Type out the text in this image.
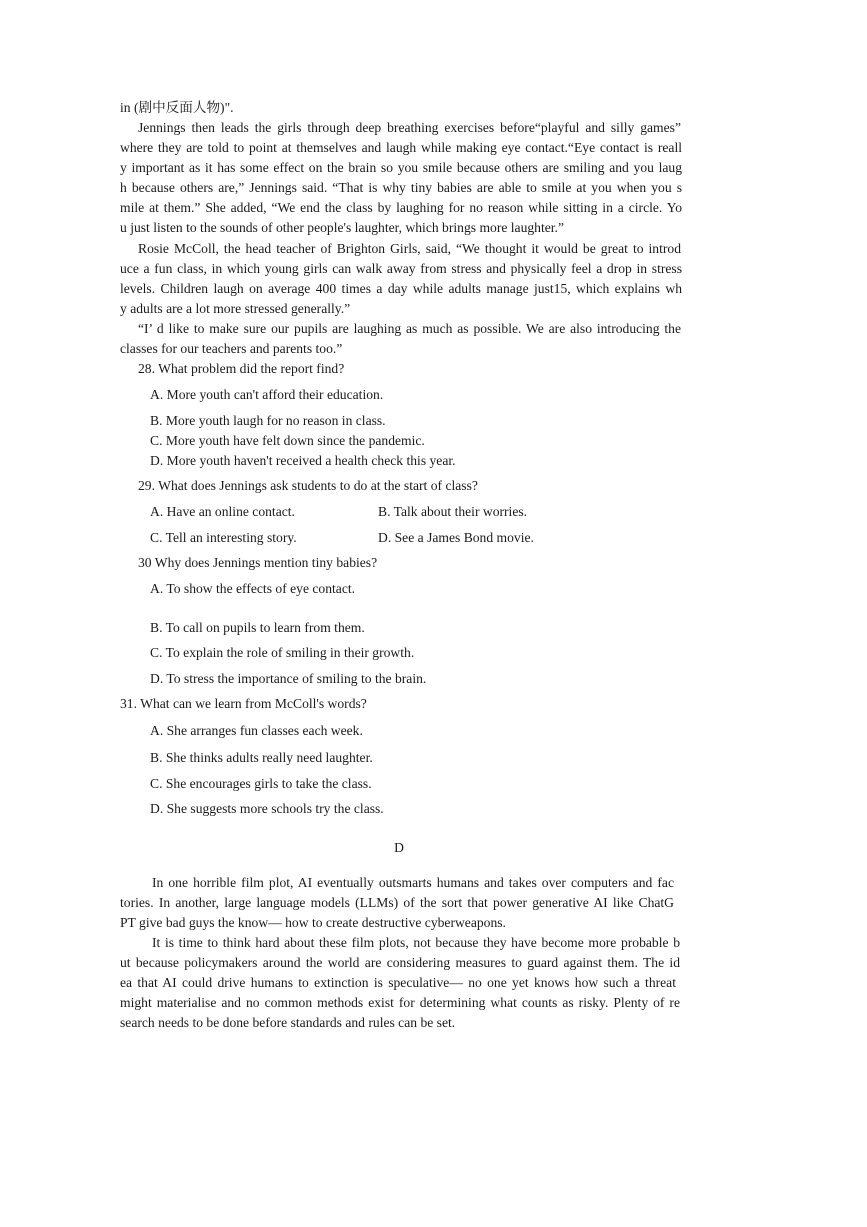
in (剧中反面人物)".
Jennings then leads the girls through deep breathing exercises before“playful and silly games”
where they are told to point at themselves and laugh while making eye contact.“Eye contact is reall
y important as it has some effect on the brain so you smile because others are smiling and you laug
h because others are,” Jennings said. “That is why tiny babies are able to smile at you when you s
mile at them.” She added, “We end the class by laughing for no reason while sitting in a circle. Yo
u just listen to the sounds of other people's laughter, which brings more laughter.”
Rosie McColl, the head teacher of Brighton Girls, said, “We thought it would be great to introd
uce a fun class, in which young girls can walk away from stress and physically feel a drop in stress
levels. Children laugh on average 400 times a day while adults manage just15, which explains wh
y adults are a lot more stressed generally.”
“I’ d like to make sure our pupils are laughing as much as possible. We are also introducing the
classes for our teachers and parents too.”
28. What problem did the report find?
A. More youth can't afford their education.
B. More youth laugh for no reason in class.
C. More youth have felt down since the pandemic.
D. More youth haven't received a health check this year.
29. What does Jennings ask students to do at the start of class?
A. Have an online contact.	B. Talk about their worries.
C. Tell an interesting story.	D. See a James Bond movie.
30 Why does Jennings mention tiny babies?
A. To show the effects of eye contact.
B. To call on pupils to learn from them.
C. To explain the role of smiling in their growth.
D. To stress the importance of smiling to the brain.
31. What can we learn from McColl's words?
A. She arranges fun classes each week.
B. She thinks adults really need laughter.
C. She encourages girls to take the class.
D. She suggests more schools try the class.
D
In one horrible film plot, AI eventually outsmarts humans and takes over computers and fac
tories. In another, large language models (LLMs) of the sort that power generative AI like ChatG
PT give bad guys the know— how to create destructive cyberweapons.
It is time to think hard about these film plots, not because they have become more probable b
ut because policymakers around the world are considering measures to guard against them. The id
ea that AI could drive humans to extinction is speculative— no one yet knows how such a threat
might materialise and no common methods exist for determining what counts as risky. Plenty of re
search needs to be done before standards and rules can be set.
